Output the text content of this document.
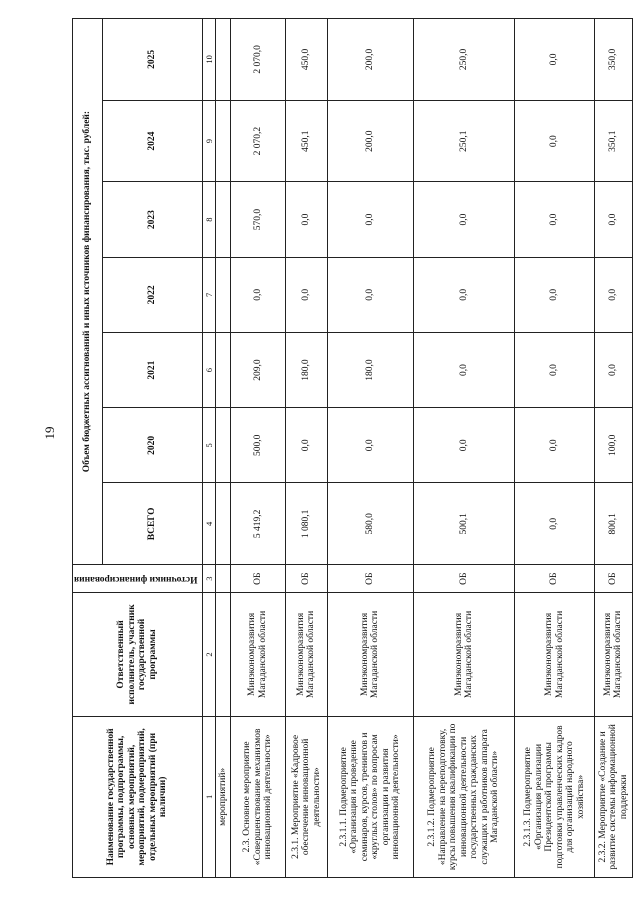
19
Наименование государственной программы, подпрограммы, основных мероприятий, мероприятий, подмероприятий, отдельных мероприятий (при наличии)	Ответственный исполнитель, участник государственной программы	Источники финансирования	Объем бюджетных ассигнований и иных источников финансирования, тыс. рублей:						
			ВСЕГО	2020	2021	2022	2023	2024	2025
1	2	3	4	5	6	7	8	9	10
мероприятий»									
2.3. Основное мероприятие «Совершенствование механизмов инновационной деятельности»	Минэкономразвития Магаданской области	ОБ	5 419,2	500,0	209,0	0,0	570,0	2 070,2	2 070,0
2.3.1. Мероприятие «Кадровое обеспечение инновационной деятельности»	Минэкономразвития Магаданской области	ОБ	1 080,1	0,0	180,0	0,0	0,0	450,1	450,0
2.3.1.1. Подмероприятие «Организация и проведение семинаров, курсов, тренингов и «круглых столов» по вопросам организации и развития инновационной деятельности»	Минэкономразвития Магаданской области	ОБ	580,0	0,0	180,0	0,0	0,0	200,0	200,0
2.3.1.2. Подмероприятие «Направление на переподготовку, курсы повышения квалификации по инновационной деятельности государственных гражданских служащих и работников аппарата Магаданской области»	Минэкономразвития Магаданской области	ОБ	500,1	0,0	0,0	0,0	0,0	250,1	250,0
2.3.1.3. Подмероприятие «Организация реализации Президентской программы подготовки управленческих кадров для организаций народного хозяйства»	Минэкономразвития Магаданской области	ОБ	0,0	0,0	0,0	0,0	0,0	0,0	0,0
2.3.2. Мероприятие «Создание и развитие системы информационной поддержки	Минэкономразвития Магаданской области	ОБ	800,1	100,0	0,0	0,0	0,0	350,1	350,0
